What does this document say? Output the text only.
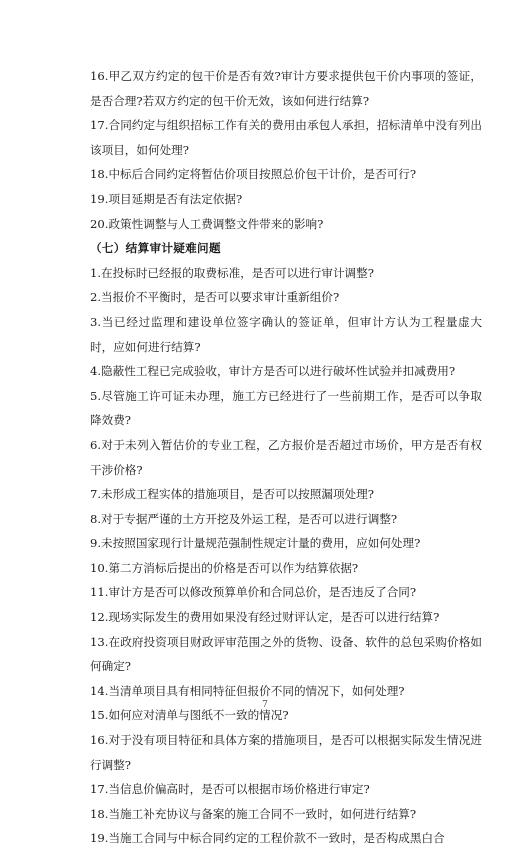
16.甲乙双方约定的包干价是否有效?审计方要求提供包干价内事项的签证，是否合理?若双方约定的包干价无效，该如何进行结算?

17.合同约定与组织招标工作有关的费用由承包人承担，招标清单中没有列出该项目，如何处理?

18.中标后合同约定将暂估价项目按照总价包干计价，是否可行?

19.项目延期是否有法定依据?

20.政策性调整与人工费调整文件带来的影响?

（七）结算审计疑难问题

1.在投标时已经报的取费标准，是否可以进行审计调整?

2.当报价不平衡时，是否可以要求审计重新组价?

3.当已经过监理和建设单位签字确认的签证单，但审计方认为工程量虚大时，应如何进行结算?

4.隐蔽性工程已完成验收，审计方是否可以进行破坏性试验并扣减费用?

5.尽管施工许可证未办理，施工方已经进行了一些前期工作，是否可以争取降效费?

6.对于未列入暂估价的专业工程，乙方报价是否超过市场价，甲方是否有权干涉价格?

7.未形成工程实体的措施项目，是否可以按照漏项处理?

8.对于专据严谨的土方开挖及外运工程，是否可以进行调整?

9.未按照国家现行计量规范强制性规定计量的费用，应如何处理?

10.第二方消标后提出的价格是否可以作为结算依据?

11.审计方是否可以修改预算单价和合同总价，是否违反了合同?

12.现场实际发生的费用如果没有经过财评认定，是否可以进行结算?

13.在政府投资项目财政评审范围之外的货物、设备、软件的总包采购价格如何确定?

14.当清单项目具有相同特征但报价不同的情况下，如何处理?

15.如何应对清单与图纸不一致的情况?

16.对于没有项目特征和具体方案的措施项目，是否可以根据实际发生情况进行调整?

17.当信息价偏高时，是否可以根据市场价格进行审定?

18.当施工补充协议与备案的施工合同不一致时，如何进行结算?

19.当施工合同与中标合同约定的工程价款不一致时，是否构成黑白合

7
